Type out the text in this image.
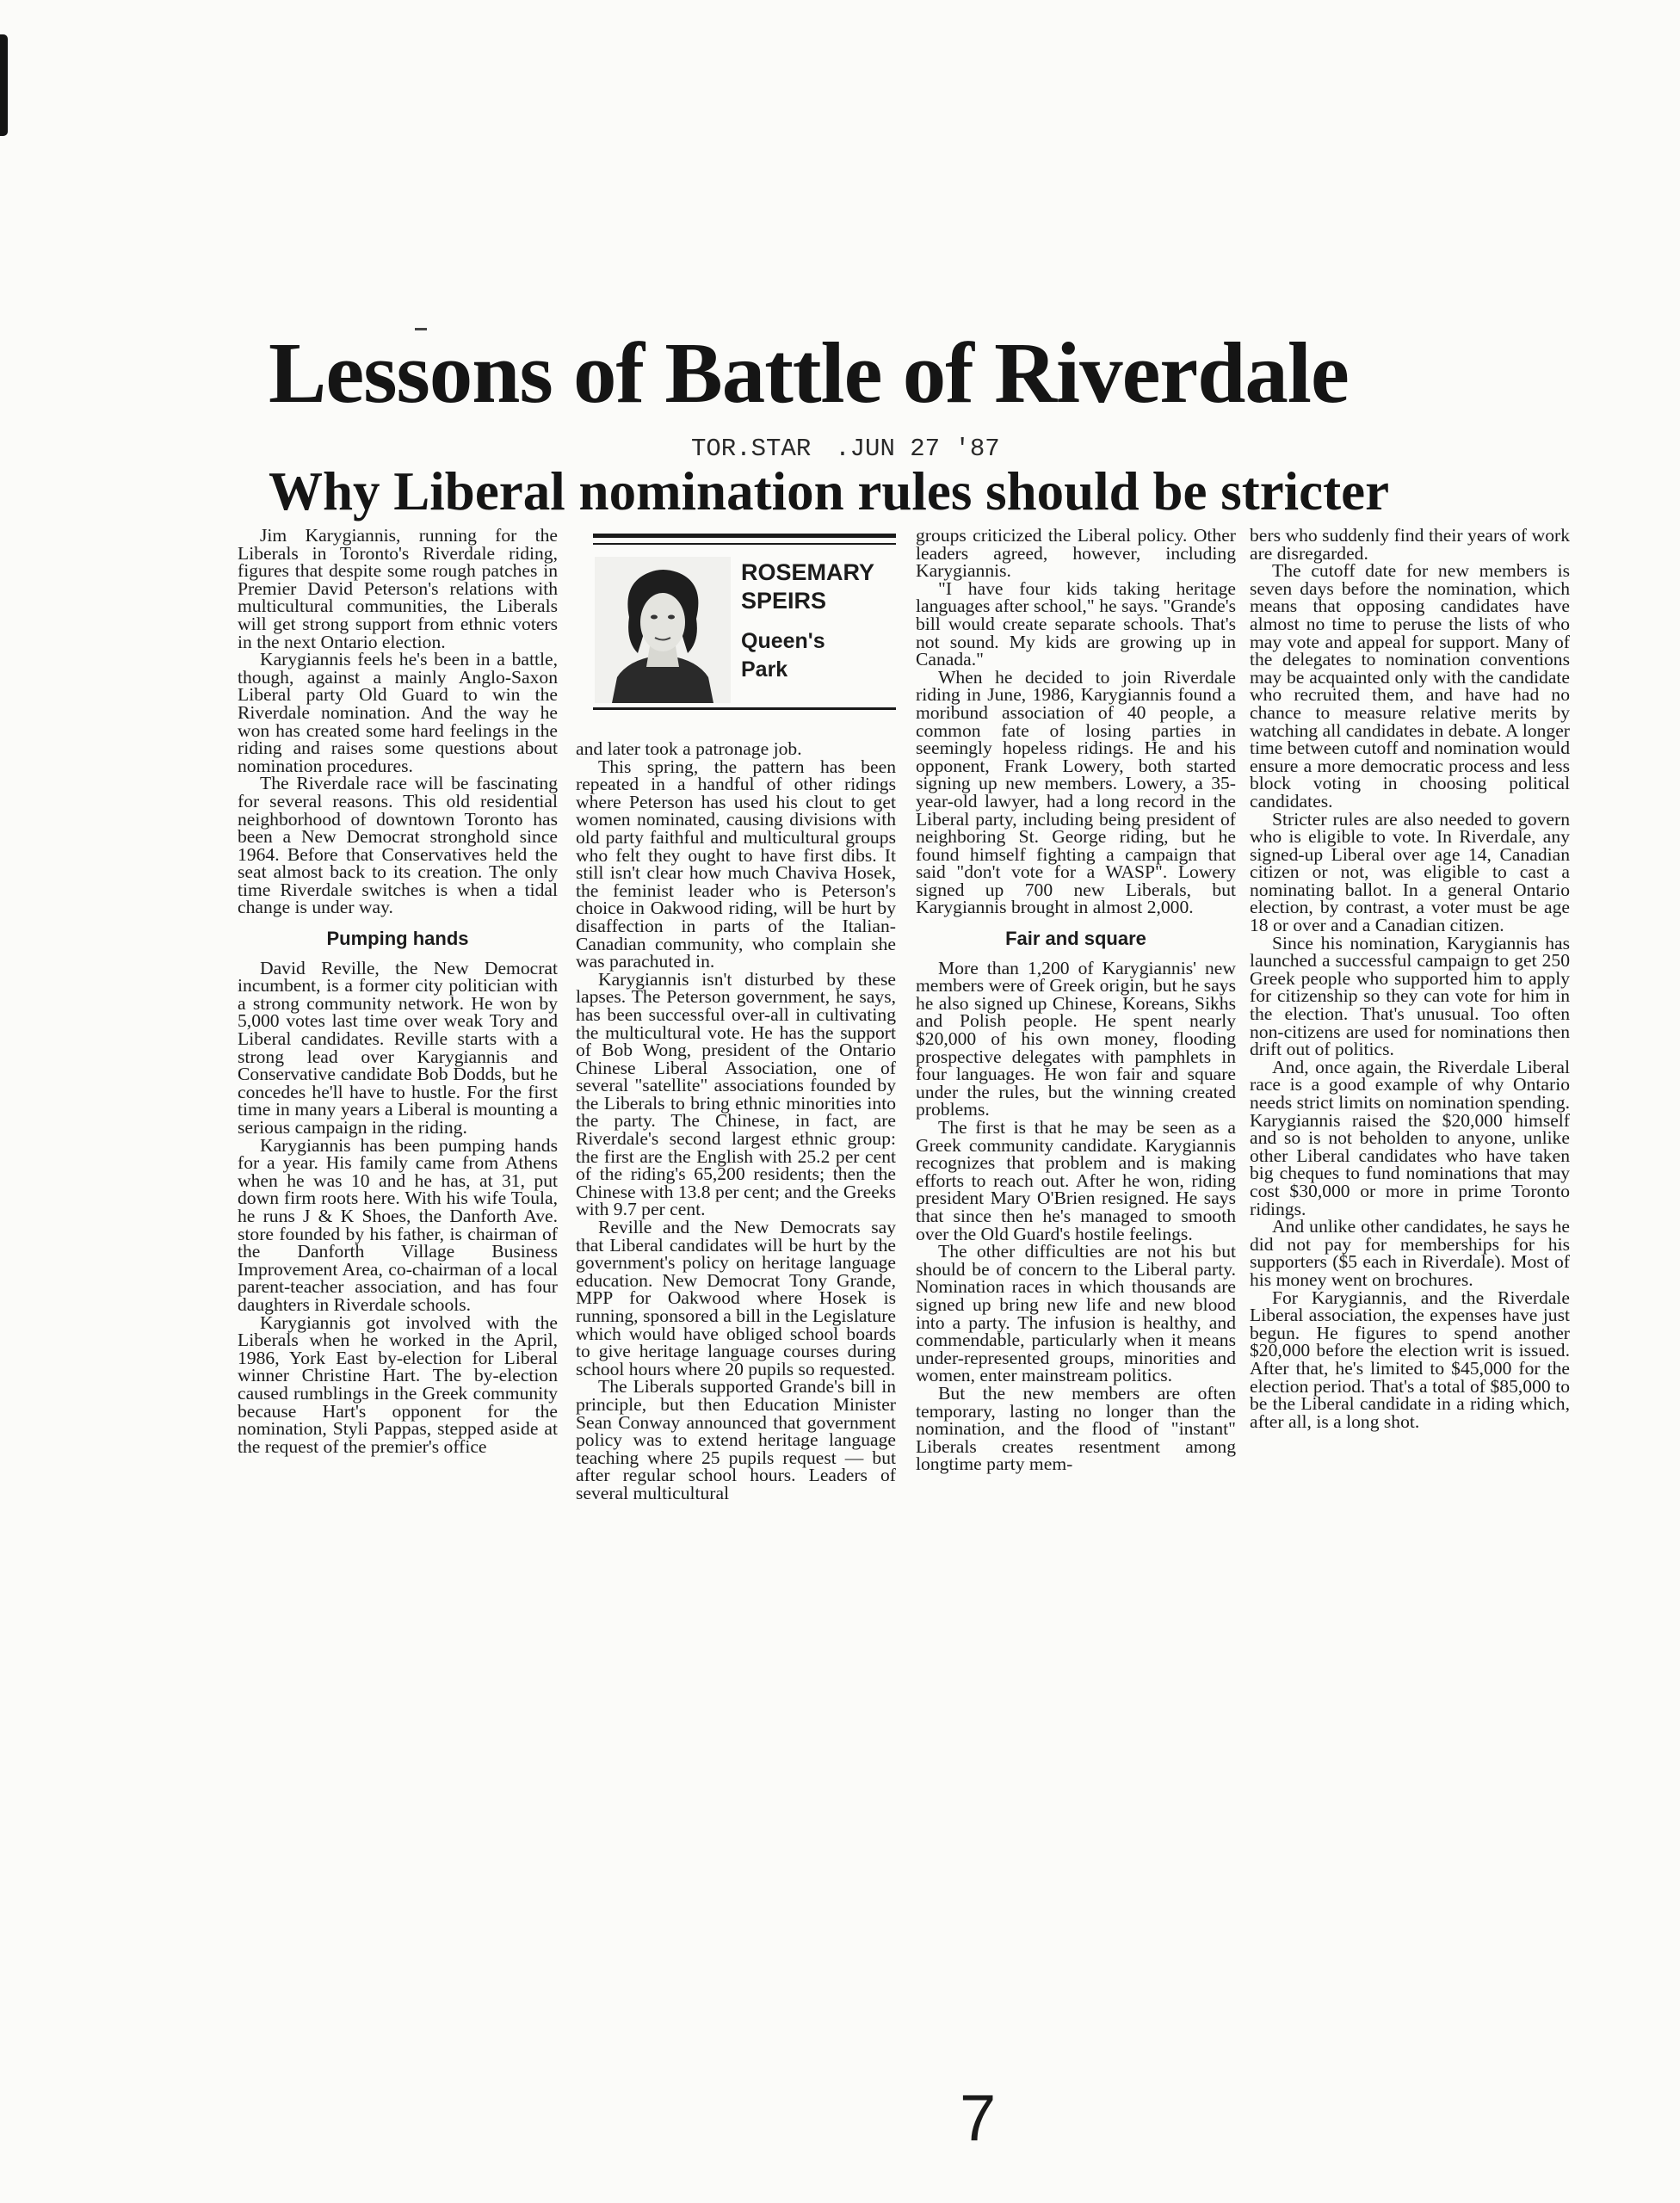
Lessons of Battle of Riverdale
TOR.STAR .JUN 27 '87
Why Liberal nomination rules should be stricter
ROSEMARY SPEIRS
Queen's Park

Jim Karygiannis, running for the Liberals in Toronto's Riverdale riding, figures that despite some rough patches in Premier David Peterson's relations with multicultural communities, the Liberals will get strong support from ethnic voters in the next Ontario election.

Karygiannis feels he's been in a battle, though, against a mainly Anglo-Saxon Liberal party Old Guard to win the Riverdale nomination. And the way he won has created some hard feelings in the riding and raises some questions about nomination procedures.

The Riverdale race will be fascinating for several reasons. This old residential neighborhood of downtown Toronto has been a New Democrat stronghold since 1964. Before that Conservatives held the seat almost back to its creation. The only time Riverdale switches is when a tidal change is under way.

Pumping hands

David Reville, the New Democrat incumbent, is a former city politician with a strong community network. He won by 5,000 votes last time over weak Tory and Liberal candidates. Reville starts with a strong lead over Karygiannis and Conservative candidate Bob Dodds, but he concedes he'll have to hustle. For the first time in many years a Liberal is mounting a serious campaign in the riding.

Karygiannis has been pumping hands for a year. His family came from Athens when he was 10 and he has, at 31, put down firm roots here. With his wife Toula, he runs J & K Shoes, the Danforth Ave. store founded by his father, is chairman of the Danforth Village Business Improvement Area, co-chairman of a local parent-teacher association, and has four daughters in Riverdale schools.

Karygiannis got involved with the Liberals when he worked in the April, 1986, York East by-election for Liberal winner Christine Hart. The by-election caused rumblings in the Greek community because Hart's opponent for the nomination, Styli Pappas, stepped aside at the request of the premier's office

and later took a patronage job.

This spring, the pattern has been repeated in a handful of other ridings where Peterson has used his clout to get women nominated, causing divisions with old party faithful and multicultural groups who felt they ought to have first dibs. It still isn't clear how much Chaviva Hosek, the feminist leader who is Peterson's choice in Oakwood riding, will be hurt by disaffection in parts of the Italian-Canadian community, who complain she was parachuted in.

Karygiannis isn't disturbed by these lapses. The Peterson government, he says, has been successful over-all in cultivating the multicultural vote. He has the support of Bob Wong, president of the Ontario Chinese Liberal Association, one of several "satellite" associations founded by the Liberals to bring ethnic minorities into the party. The Chinese, in fact, are Riverdale's second largest ethnic group: the first are the English with 25.2 per cent of the riding's 65,200 residents; then the Chinese with 13.8 per cent; and the Greeks with 9.7 per cent.

Reville and the New Democrats say that Liberal candidates will be hurt by the government's policy on heritage language education. New Democrat Tony Grande, MPP for Oakwood where Hosek is running, sponsored a bill in the Legislature which would have obliged school boards to give heritage language courses during school hours where 20 pupils so requested.

The Liberals supported Grande's bill in principle, but then Education Minister Sean Conway announced that government policy was to extend heritage language teaching where 25 pupils request — but after regular school hours. Leaders of several multicultural

groups criticized the Liberal policy. Other leaders agreed, however, including Karygiannis.

"I have four kids taking heritage languages after school," he says. "Grande's bill would create separate schools. That's not sound. My kids are growing up in Canada."

When he decided to join Riverdale riding in June, 1986, Karygiannis found a moribund association of 40 people, a common fate of losing parties in seemingly hopeless ridings. He and his opponent, Frank Lowery, both started signing up new members. Lowery, a 35-year-old lawyer, had a long record in the Liberal party, including being president of neighboring St. George riding, but he found himself fighting a campaign that said "don't vote for a WASP". Lowery signed up 700 new Liberals, but Karygiannis brought in almost 2,000.

Fair and square

More than 1,200 of Karygiannis' new members were of Greek origin, but he says he also signed up Chinese, Koreans, Sikhs and Polish people. He spent nearly $20,000 of his own money, flooding prospective delegates with pamphlets in four languages. He won fair and square under the rules, but the winning created problems.

The first is that he may be seen as a Greek community candidate. Karygiannis recognizes that problem and is making efforts to reach out. After he won, riding president Mary O'Brien resigned. He says that since then he's managed to smooth over the Old Guard's hostile feelings.

The other difficulties are not his but should be of concern to the Liberal party. Nomination races in which thousands are signed up bring new life and new blood into a party. The infusion is healthy, and commendable, particularly when it means under-represented groups, minorities and women, enter mainstream politics.

But the new members are often temporary, lasting no longer than the nomination, and the flood of "instant" Liberals creates resentment among longtime party mem-

bers who suddenly find their years of work are disregarded.

The cutoff date for new members is seven days before the nomination, which means that opposing candidates have almost no time to peruse the lists of who may vote and appeal for support. Many of the delegates to nomination conventions may be acquainted only with the candidate who recruited them, and have had no chance to measure relative merits by watching all candidates in debate. A longer time between cutoff and nomination would ensure a more democratic process and less block voting in choosing political candidates.

Stricter rules are also needed to govern who is eligible to vote. In Riverdale, any signed-up Liberal over age 14, Canadian citizen or not, was eligible to cast a nominating ballot. In a general Ontario election, by contrast, a voter must be age 18 or over and a Canadian citizen.

Since his nomination, Karygiannis has launched a successful campaign to get 250 Greek people who supported him to apply for citizenship so they can vote for him in the election. That's unusual. Too often non-citizens are used for nominations then drift out of politics.

And, once again, the Riverdale Liberal race is a good example of why Ontario needs strict limits on nomination spending. Karygiannis raised the $20,000 himself and so is not beholden to anyone, unlike other Liberal candidates who have taken big cheques to fund nominations that may cost $30,000 or more in prime Toronto ridings.

And unlike other candidates, he says he did not pay for memberships for his supporters ($5 each in Riverdale). Most of his money went on brochures.

For Karygiannis, and the Riverdale Liberal association, the expenses have just begun. He figures to spend another $20,000 before the election writ is issued. After that, he's limited to $45,000 for the election period. That's a total of $85,000 to be the Liberal candidate in a riding which, after all, is a long shot.

7
